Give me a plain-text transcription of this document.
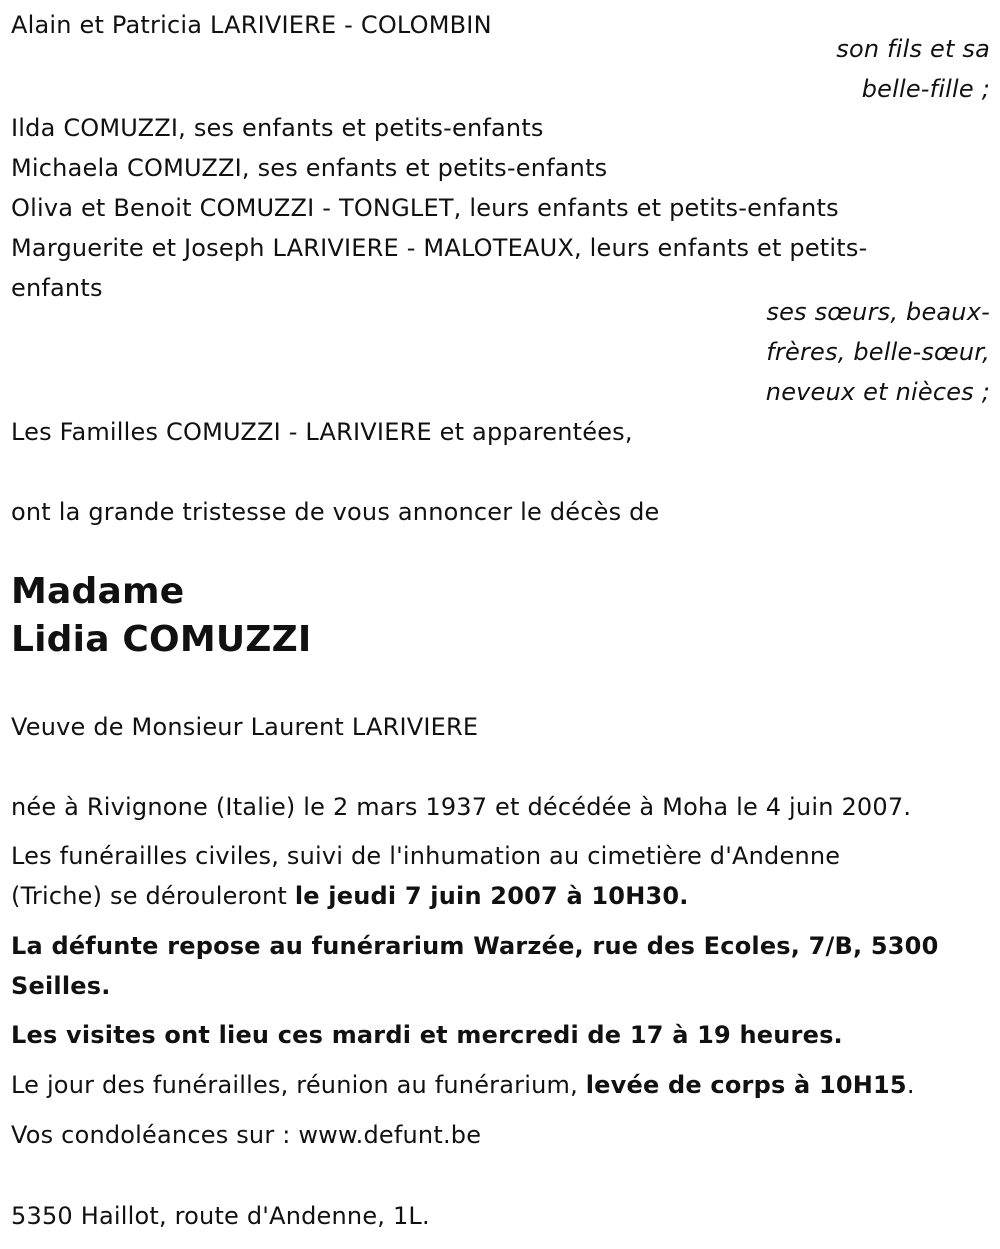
Alain et Patricia LARIVIERE - COLOMBIN
son fils et sa
belle-fille ;
Ilda COMUZZI, ses enfants et petits-enfants
Michaela COMUZZI, ses enfants et petits-enfants
Oliva et Benoit COMUZZI - TONGLET, leurs enfants et petits-enfants
Marguerite et Joseph LARIVIERE - MALOTEAUX, leurs enfants et petits-
enfants
ses sœurs, beaux-
frères, belle-sœur,
neveux et nièces ;
Les Familles COMUZZI - LARIVIERE et apparentées,
ont la grande tristesse de vous annoncer le décès de
Madame
Lidia COMUZZI
Veuve de Monsieur Laurent LARIVIERE
née à Rivignone (Italie) le 2 mars 1937 et décédée à Moha le 4 juin 2007.
Les funérailles civiles, suivi de l'inhumation au cimetière d'Andenne
(Triche) se dérouleront le jeudi 7 juin 2007 à 10H30.
La défunte repose au funérarium Warzée, rue des Ecoles, 7/B, 5300
Seilles.
Les visites ont lieu ces mardi et mercredi de 17 à 19 heures.
Le jour des funérailles, réunion au funérarium, levée de corps à 10H15.
Vos condoléances sur : www.defunt.be
5350 Haillot, route d'Andenne, 1L.
